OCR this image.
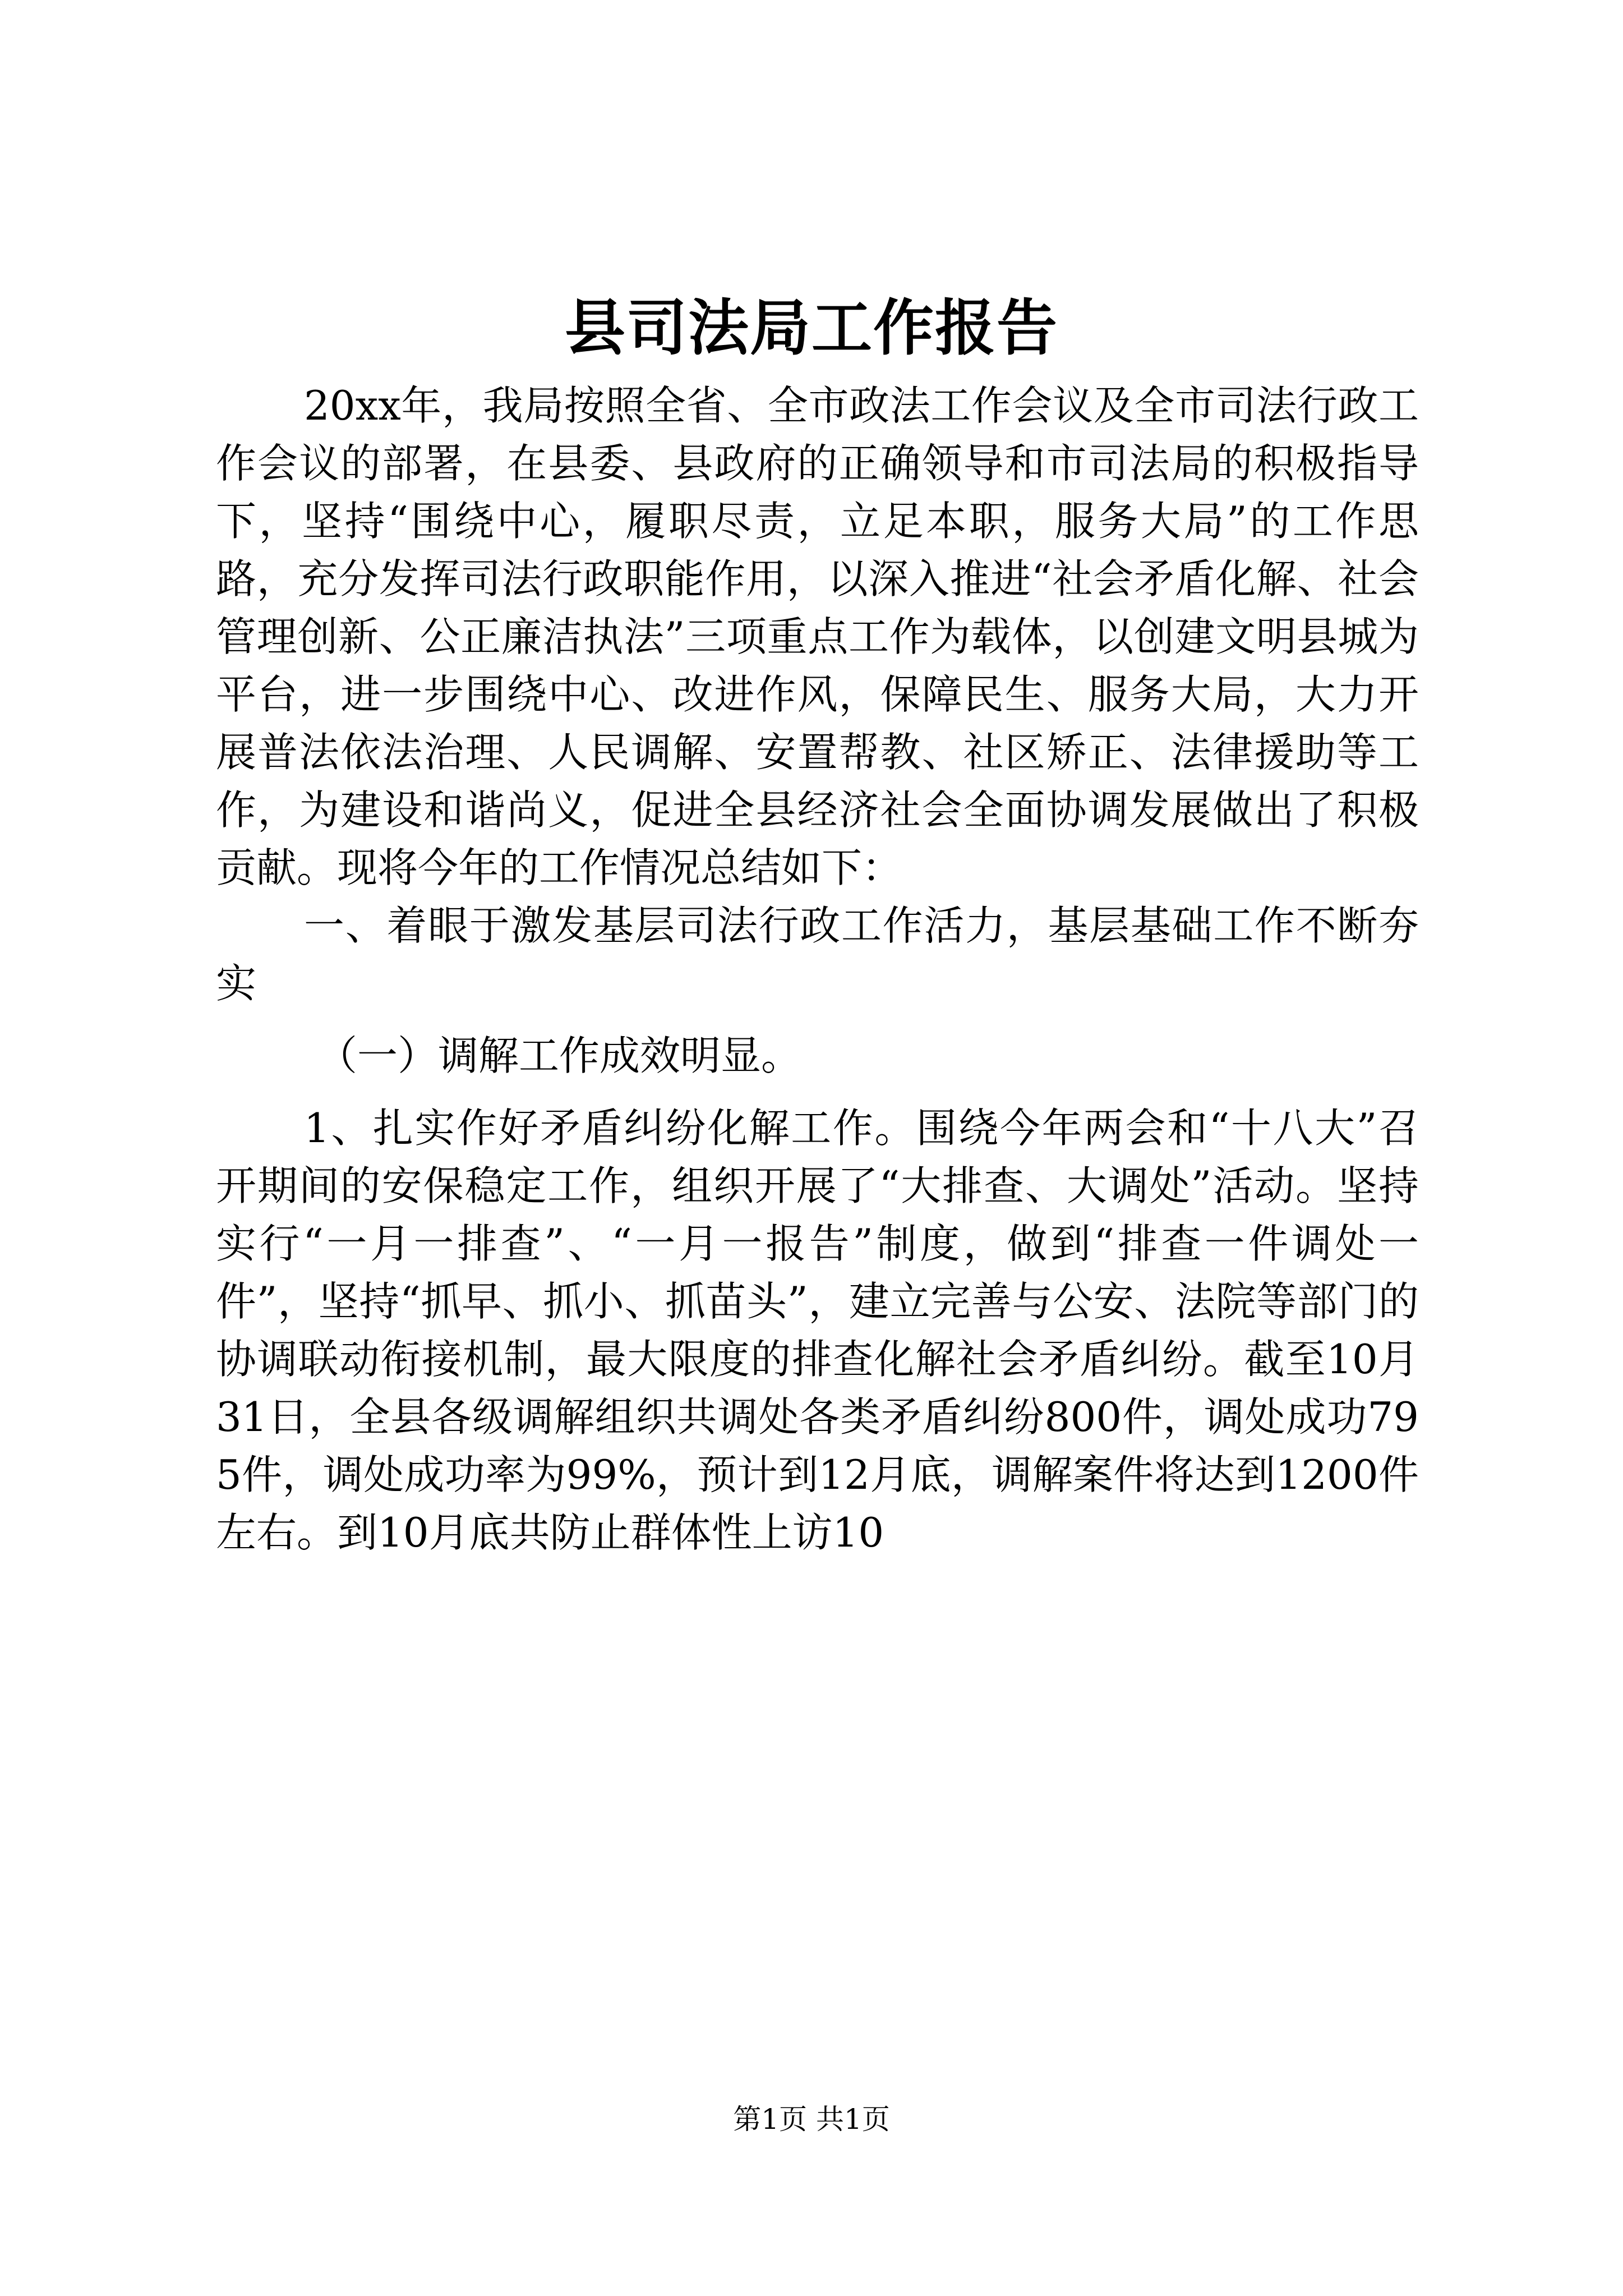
县司法局工作报告

20xx年，我局按照全省、全市政法工作会议及全市司法行政工作会议的部署，在县委、县政府的正确领导和市司法局的积极指导下，坚持“围绕中心，履职尽责，立足本职，服务大局”的工作思路，充分发挥司法行政职能作用，以深入推进“社会矛盾化解、社会管理创新、公正廉洁执法”三项重点工作为载体，以创建文明县城为平台，进一步围绕中心、改进作风，保障民生、服务大局，大力开展普法依法治理、人民调解、安置帮教、社区矫正、法律援助等工作，为建设和谐尚义，促进全县经济社会全面协调发展做出了积极贡献。现将今年的工作情况总结如下：

一、着眼于激发基层司法行政工作活力，基层基础工作不断夯实

（一）调解工作成效明显。

1、扎实作好矛盾纠纷化解工作。围绕今年两会和“十八大”召开期间的安保稳定工作，组织开展了“大排查、大调处”活动。坚持实行“一月一排查”、“一月一报告”制度，做到“排查一件调处一件”，坚持“抓早、抓小、抓苗头”，建立完善与公安、法院等部门的协调联动衔接机制，最大限度的排查化解社会矛盾纠纷。截至10月31日，全县各级调解组织共调处各类矛盾纠纷800件，调处成功795件，调处成功率为99%，预计到12月底，调解案件将达到1200件左右。到10月底共防止群体性上访10

第1页 共1页
